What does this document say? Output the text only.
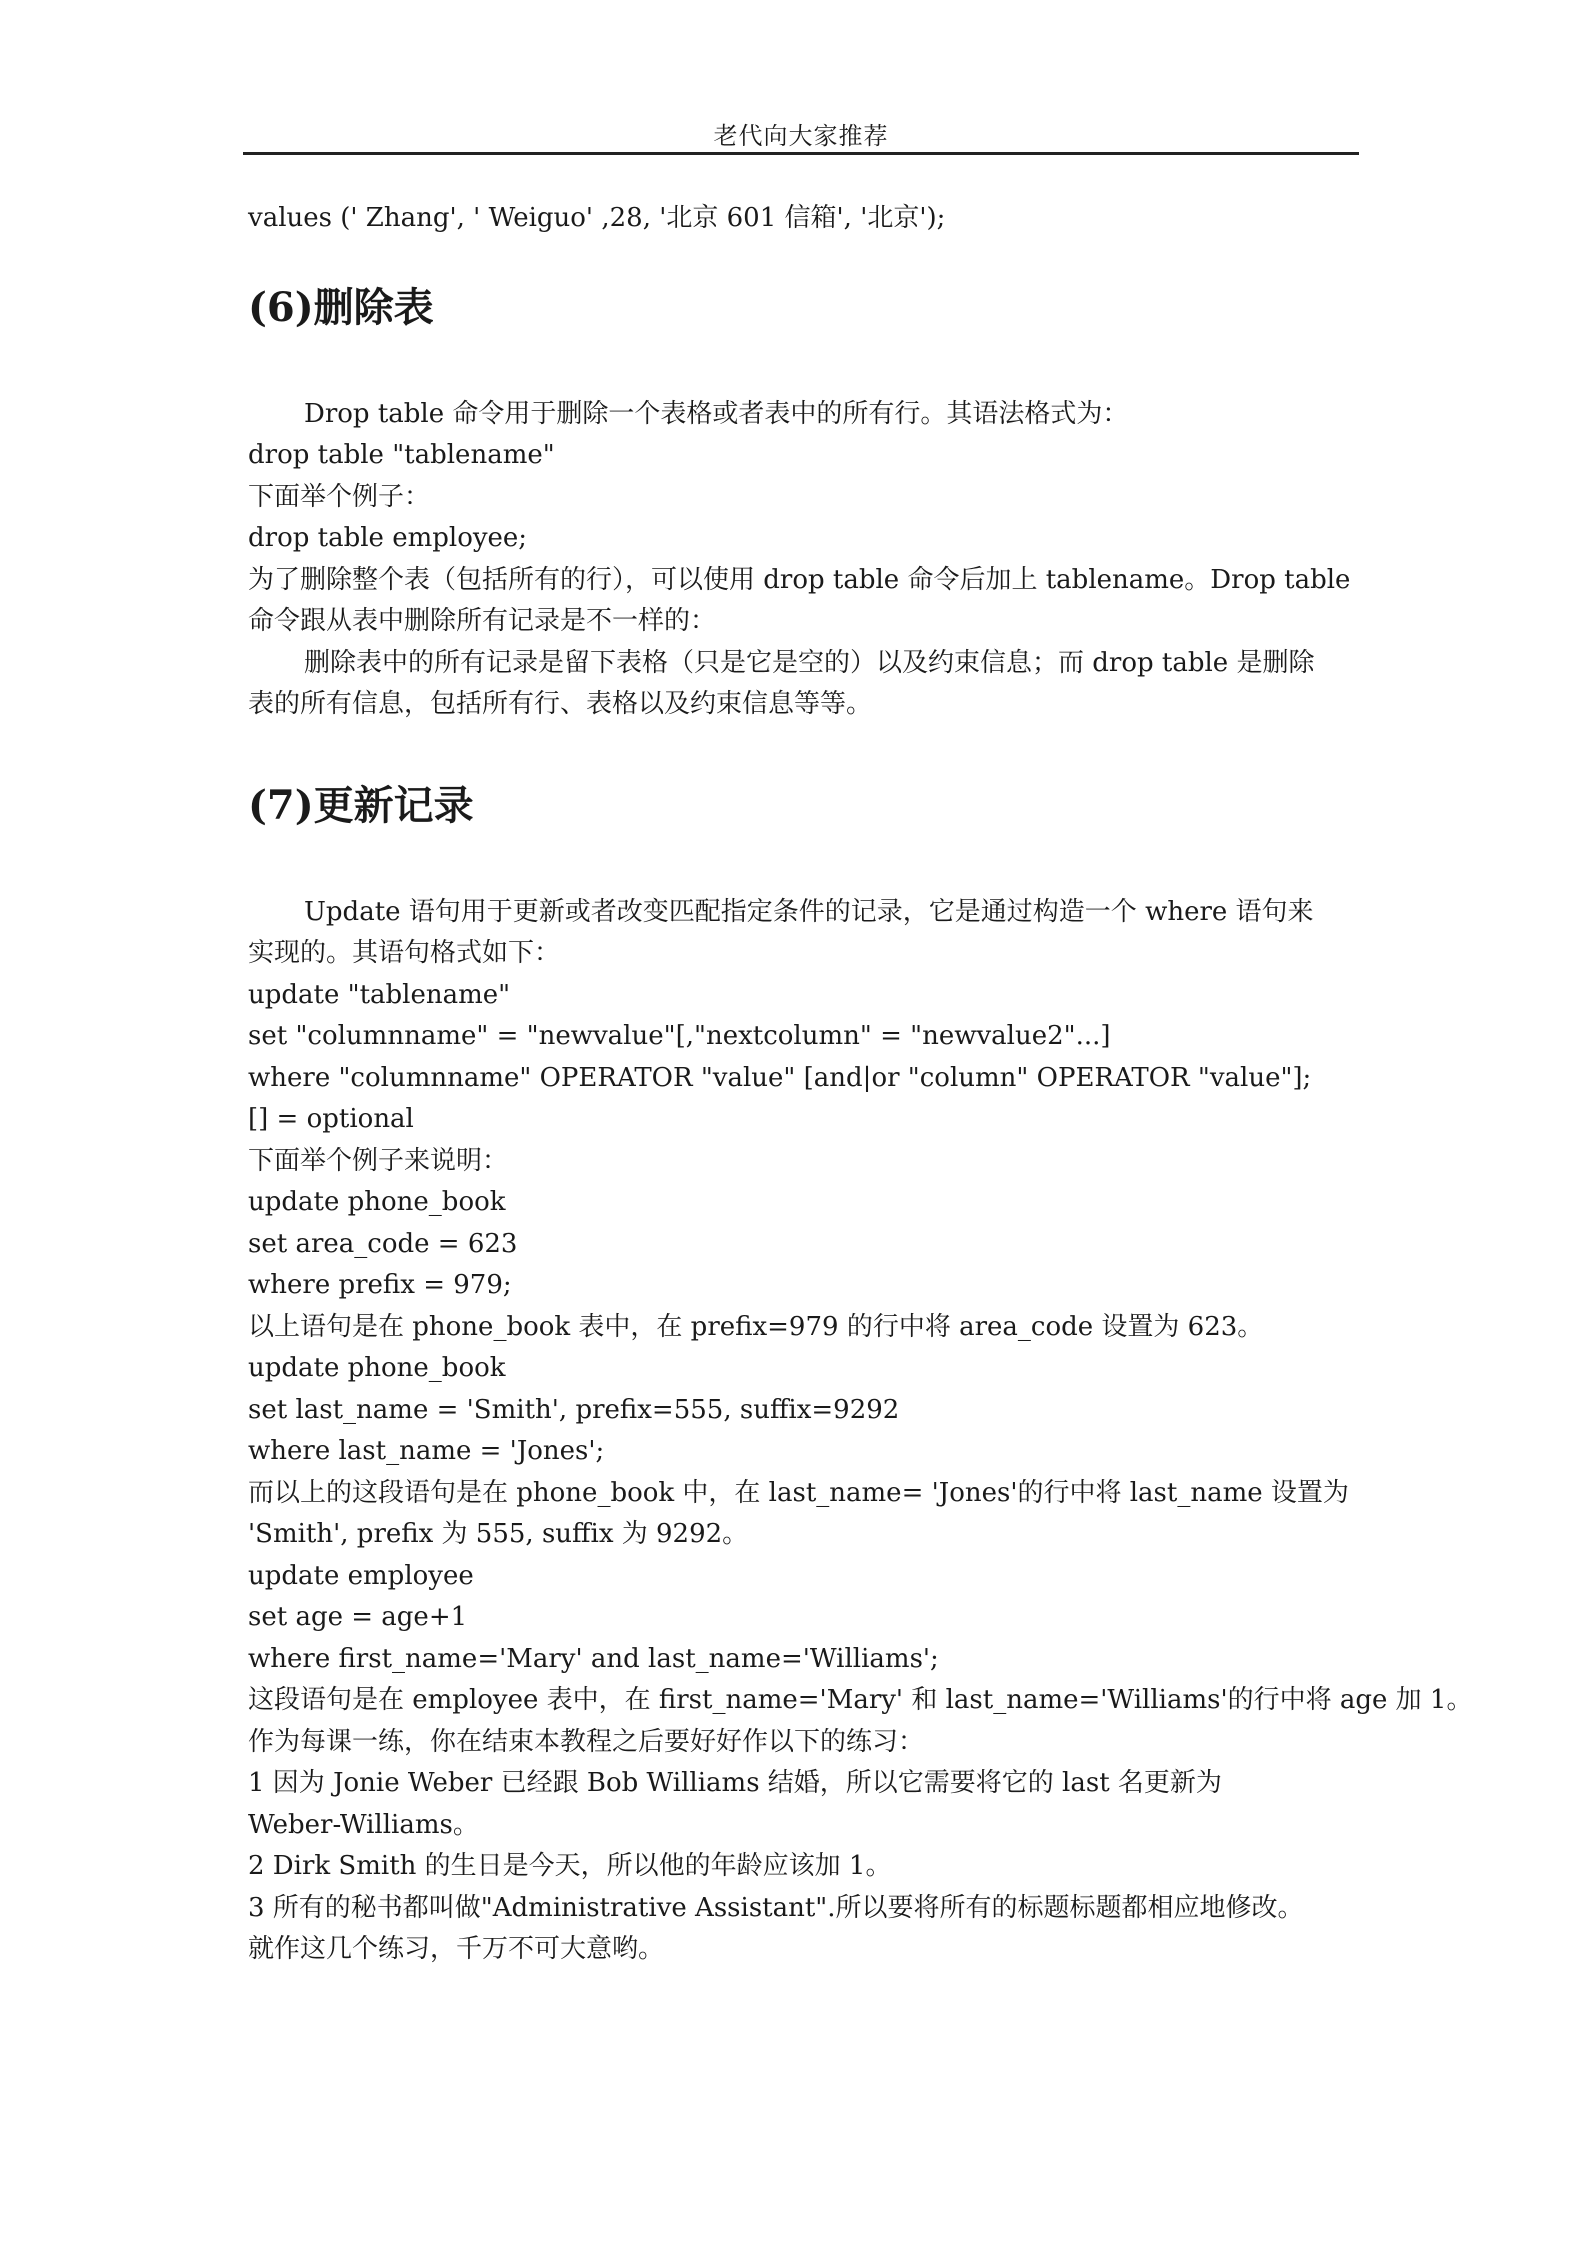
老代向大家推荐
values (' Zhang', ' Weiguo' ,28, '北京 601 信箱', '北京');
(6)删除表
Drop table 命令用于删除一个表格或者表中的所有行。其语法格式为：
drop table "tablename"
下面举个例子：
drop table employee;
为了删除整个表（包括所有的行），可以使用 drop table 命令后加上 tablename。Drop table
命令跟从表中删除所有记录是不一样的：
删除表中的所有记录是留下表格（只是它是空的）以及约束信息；而 drop table 是删除
表的所有信息，包括所有行、表格以及约束信息等等。
(7)更新记录
Update 语句用于更新或者改变匹配指定条件的记录，它是通过构造一个 where 语句来
实现的。其语句格式如下：
update "tablename"
set "columnname" = "newvalue"[,"nextcolumn" = "newvalue2"...]
where "columnname" OPERATOR "value" [and|or "column" OPERATOR "value"];
[] = optional
下面举个例子来说明：
update phone_book
set area_code = 623
where prefix = 979;
以上语句是在 phone_book 表中，在 prefix=979 的行中将 area_code 设置为 623。
update phone_book
set last_name = 'Smith', prefix=555, suffix=9292
where last_name = 'Jones';
而以上的这段语句是在 phone_book 中，在 last_name= 'Jones'的行中将 last_name 设置为
'Smith', prefix 为 555, suffix 为 9292。
update employee
set age = age+1
where first_name='Mary' and last_name='Williams';
这段语句是在 employee 表中，在 first_name='Mary' 和 last_name='Williams'的行中将 age 加 1。
作为每课一练，你在结束本教程之后要好好作以下的练习：
1 因为 Jonie Weber 已经跟 Bob Williams 结婚，所以它需要将它的 last 名更新为
Weber-Williams。
2 Dirk Smith 的生日是今天，所以他的年龄应该加 1。
3 所有的秘书都叫做"Administrative Assistant".所以要将所有的标题标题都相应地修改。
就作这几个练习，千万不可大意哟。
